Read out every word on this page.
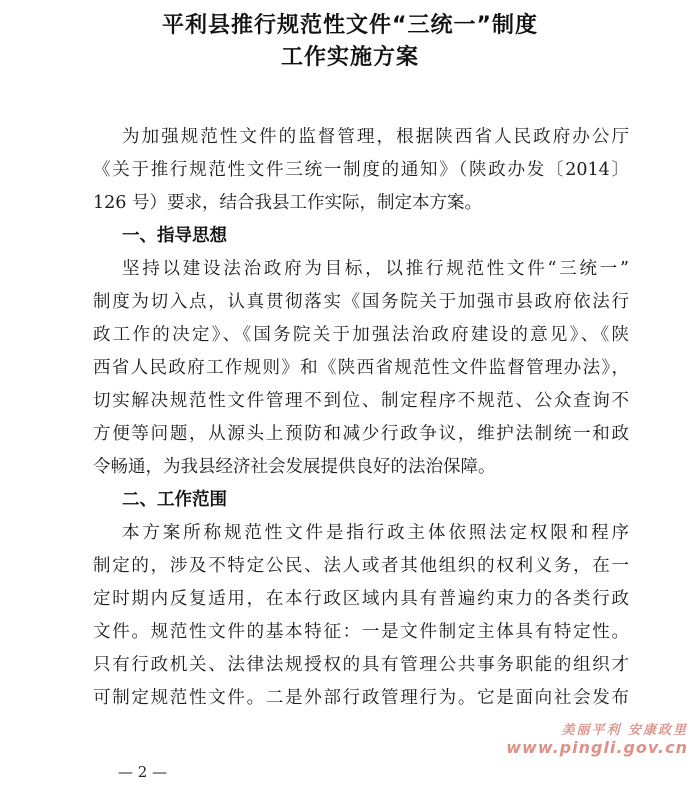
平利县推行规范性文件“三统一”制度
工作实施方案
为加强规范性文件的监督管理，根据陕西省人民政府办公厅
《关于推行规范性文件三统一制度的通知》（陕政办发〔2014〕
126 号）要求，结合我县工作实际，制定本方案。
一、指导思想
坚持以建设法治政府为目标，以推行规范性文件“三统一”
制度为切入点，认真贯彻落实《国务院关于加强市县政府依法行
政工作的决定》、《国务院关于加强法治政府建设的意见》、《陕
西省人民政府工作规则》和《陕西省规范性文件监督管理办法》，
切实解决规范性文件管理不到位、制定程序不规范、公众查询不
方便等问题，从源头上预防和减少行政争议，维护法制统一和政
令畅通，为我县经济社会发展提供良好的法治保障。
二、工作范围
本方案所称规范性文件是指行政主体依照法定权限和程序
制定的，涉及不特定公民、法人或者其他组织的权利义务，在一
定时期内反复适用，在本行政区域内具有普遍约束力的各类行政
文件。规范性文件的基本特征：一是文件制定主体具有特定性。
只有行政机关、法律法规授权的具有管理公共事务职能的组织才
可制定规范性文件。二是外部行政管理行为。它是面向社会发布
— 2 —
美丽平利 安康政里
www.pingli.gov.cn
